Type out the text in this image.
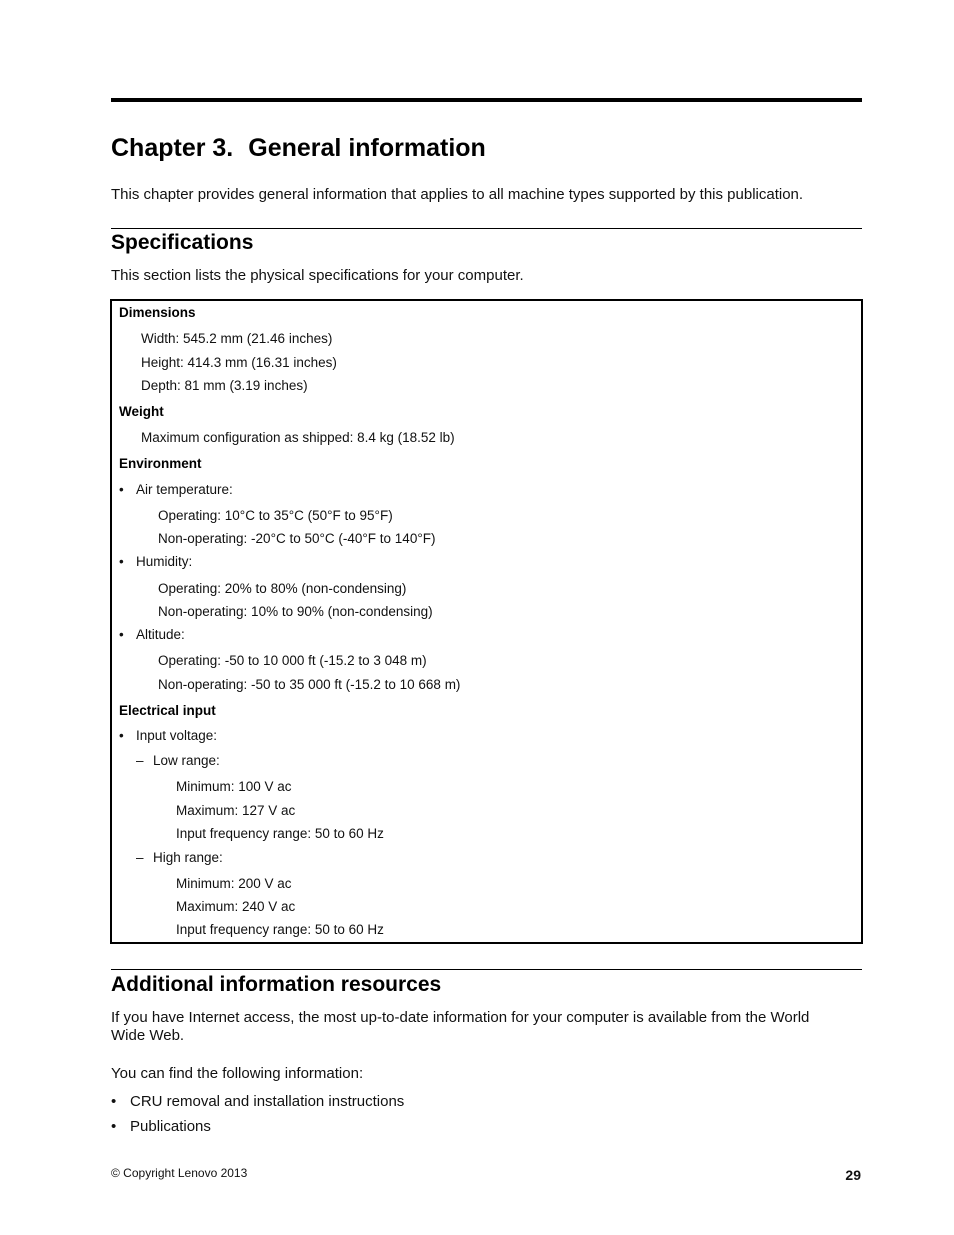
Chapter 3. General information

This chapter provides general information that applies to all machine types supported by this publication.

Specifications

This section lists the physical specifications for your computer.

Dimensions
Width: 545.2 mm (21.46 inches)
Height: 414.3 mm (16.31 inches)
Depth: 81 mm (3.19 inches)
Weight
Maximum configuration as shipped: 8.4 kg (18.52 lb)
Environment
• Air temperature:
Operating: 10°C to 35°C (50°F to 95°F)
Non-operating: -20°C to 50°C (-40°F to 140°F)
• Humidity:
Operating: 20% to 80% (non-condensing)
Non-operating: 10% to 90% (non-condensing)
• Altitude:
Operating: -50 to 10 000 ft (-15.2 to 3 048 m)
Non-operating: -50 to 35 000 ft (-15.2 to 10 668 m)
Electrical input
• Input voltage:
– Low range:
Minimum: 100 V ac
Maximum: 127 V ac
Input frequency range: 50 to 60 Hz
– High range:
Minimum: 200 V ac
Maximum: 240 V ac
Input frequency range: 50 to 60 Hz
Additional information resources

If you have Internet access, the most up-to-date information for your computer is available from the World

Wide Web.

You can find the following information:

• CRU removal and installation instructions
• Publications
© Copyright Lenovo 2013	29
